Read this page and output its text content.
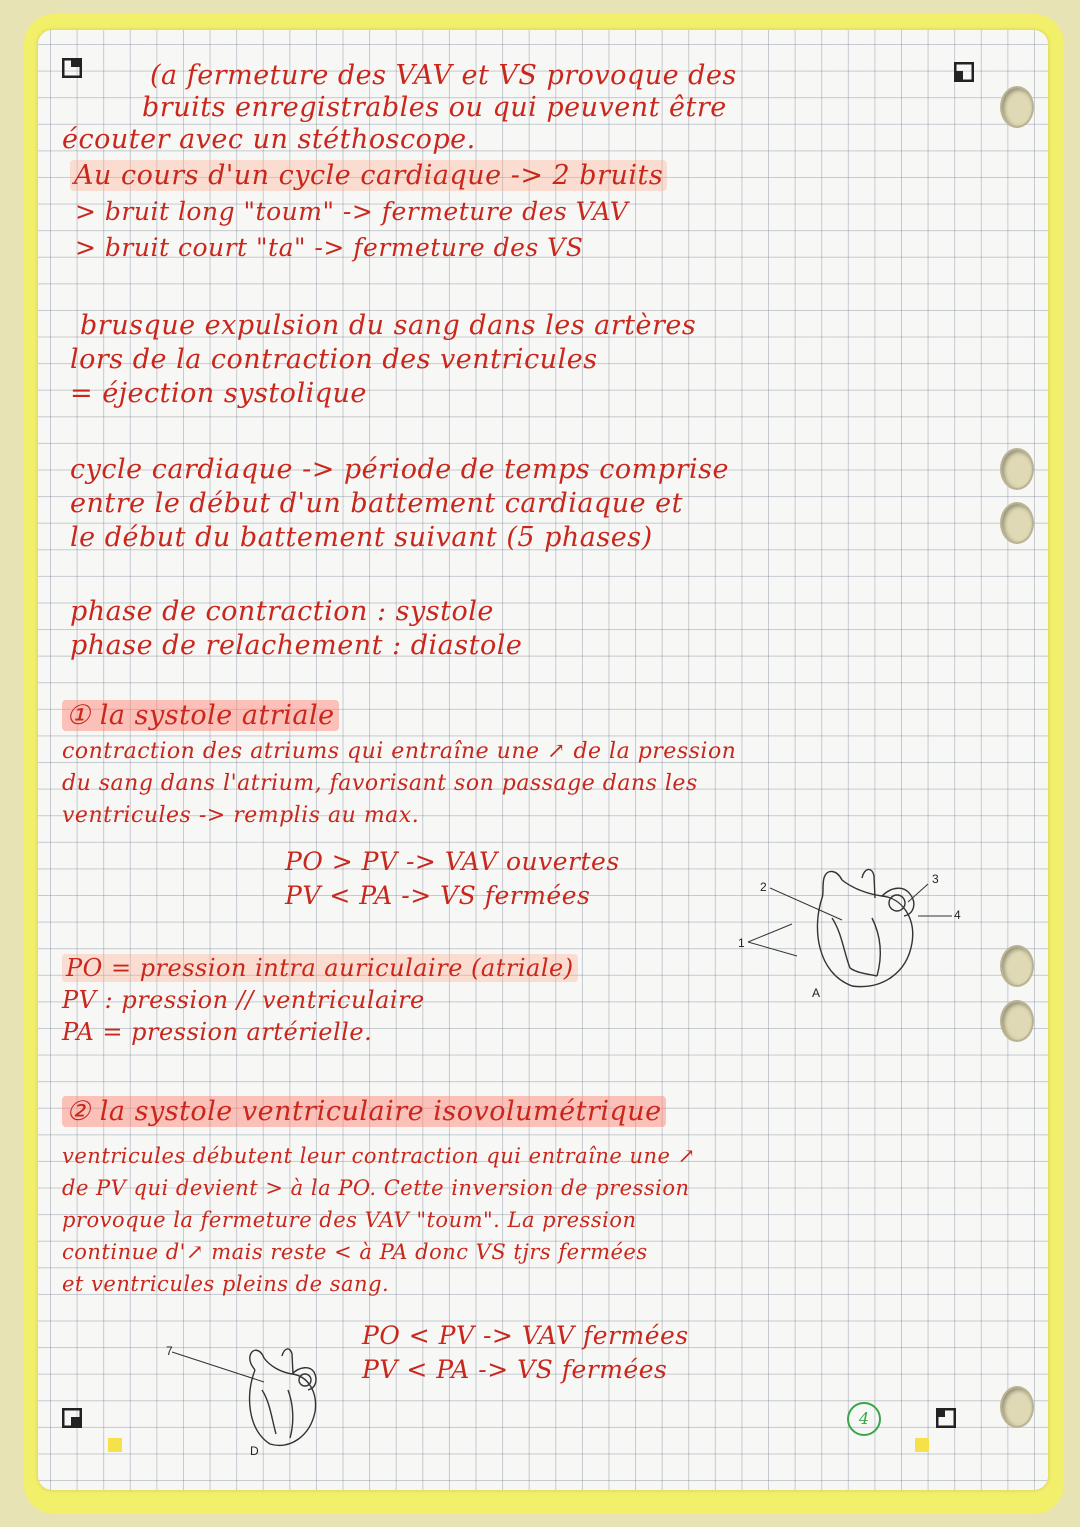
(a fermeture des VAV et VS provoque des
bruits enregistrables ou qui peuvent être
écouter avec un stéthoscope.
Au cours d'un cycle cardiaque -> 2 bruits
> bruit long "toum" -> fermeture des VAV
> bruit court "ta" -> fermeture des VS
brusque expulsion du sang dans les artères
lors de la contraction des ventricules
= éjection systolique
cycle cardiaque -> période de temps comprise
entre le début d'un battement cardiaque et
le début du battement suivant (5 phases)
phase de contraction : systole
phase de relachement : diastole
① la systole atriale
contraction des atriums qui entraîne une ↗ de la pression
du sang dans l'atrium, favorisant son passage dans les
ventricules -> remplis au max.
PO > PV -> VAV ouvertes
PV < PA -> VS fermées
PO = pression intra auriculaire (atriale)
PV : pression // ventriculaire
PA = pression artérielle.
② la systole ventriculaire isovolumétrique
ventricules débutent leur contraction qui entraîne une ↗
de PV qui devient > à la PO. Cette inversion de pression
provoque la fermeture des VAV "toum". La pression
continue d'↗ mais reste < à PA donc VS tjrs fermées
et ventricules pleins de sang.
PO < PV -> VAV fermées
PV < PA -> VS fermées
2
1
3
4
A
7
D
4
